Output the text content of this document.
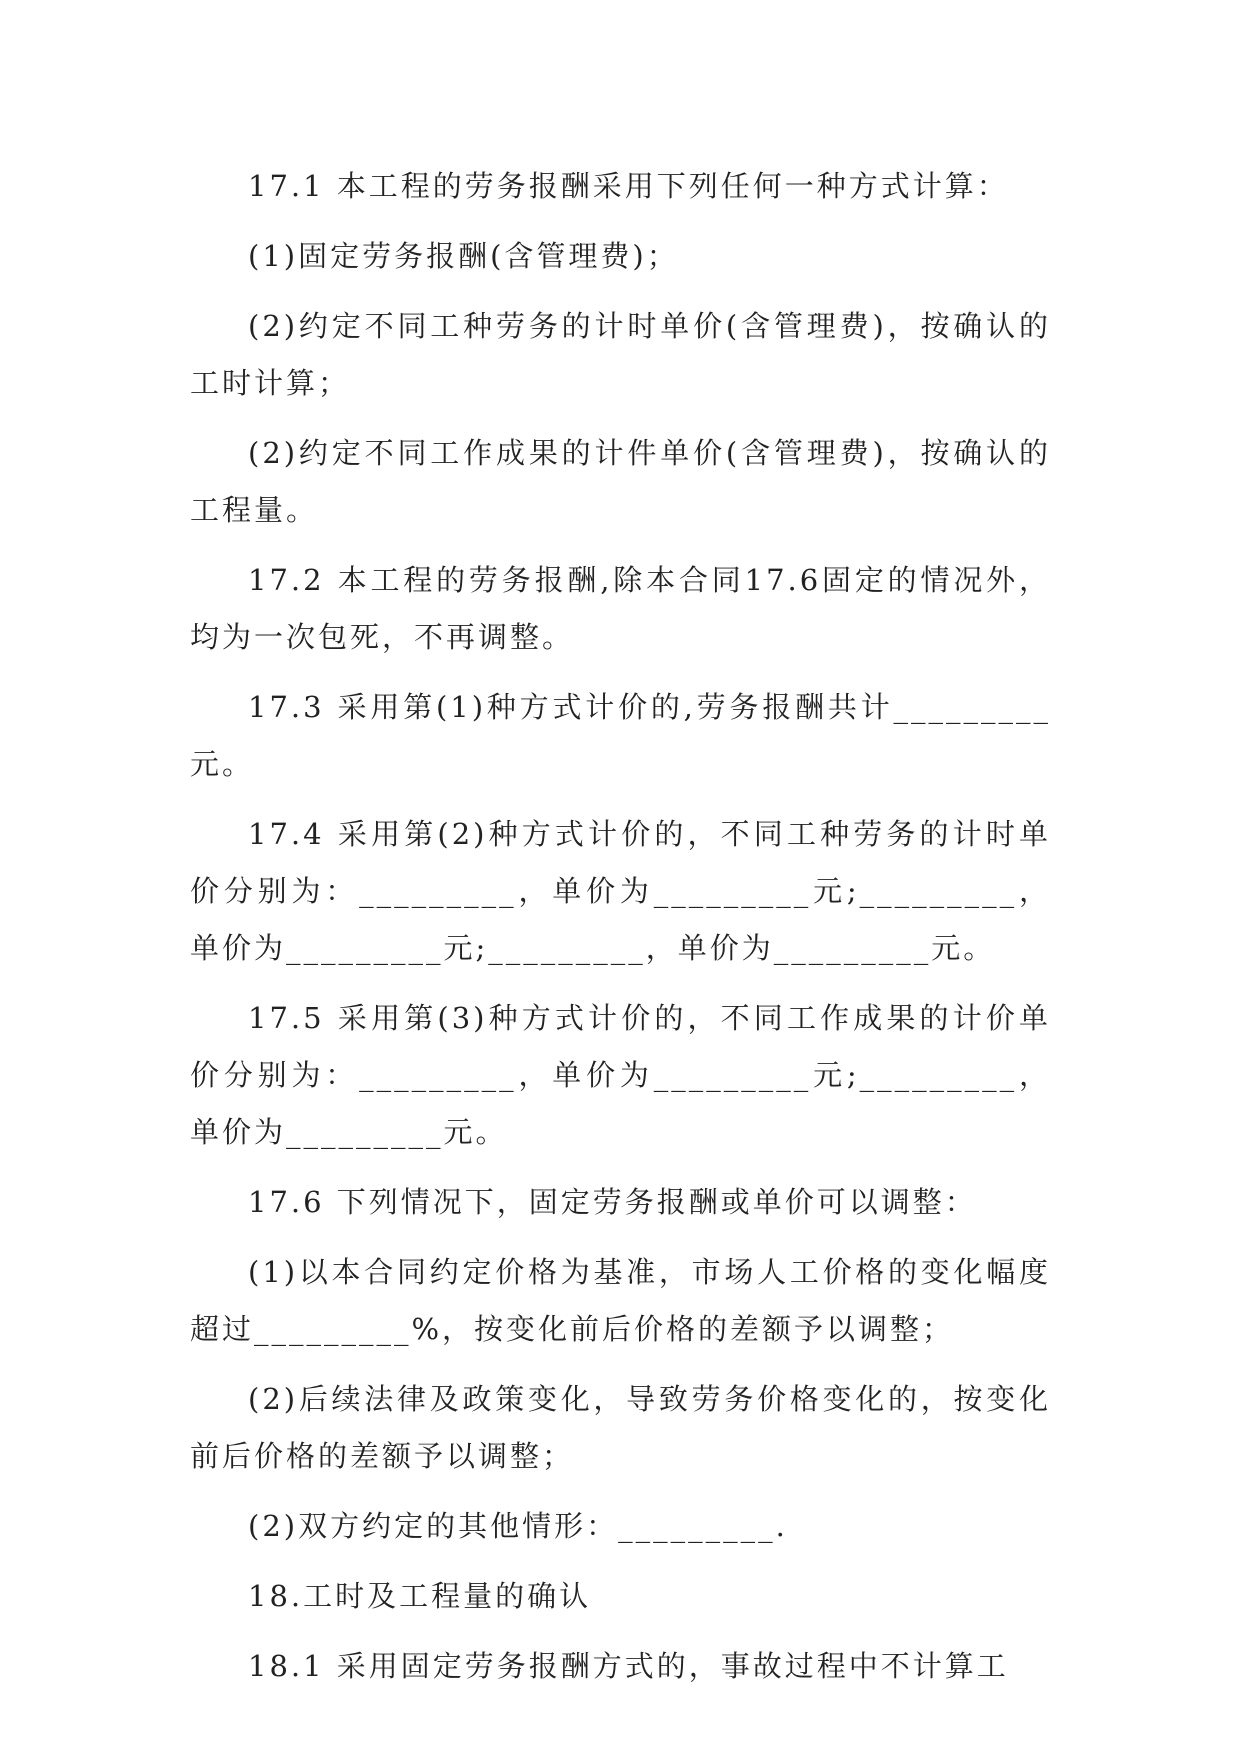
17.1 本工程的劳务报酬采用下列任何一种方式计算：

(1)固定劳务报酬(含管理费)；

(2)约定不同工种劳务的计时单价(含管理费)，按确认的工时计算；

(2)约定不同工作成果的计件单价(含管理费)，按确认的工程量。

17.2 本工程的劳务报酬,除本合同17.6固定的情况外，均为一次包死，不再调整。

17.3 采用第(1)种方式计价的,劳务报酬共计_________元。

17.4 采用第(2)种方式计价的，不同工种劳务的计时单价分别为：_________，单价为_________元;_________，单价为_________元;_________，单价为_________元。

17.5 采用第(3)种方式计价的，不同工作成果的计价单价分别为：_________，单价为_________元;_________，单价为_________元。

17.6 下列情况下，固定劳务报酬或单价可以调整：

(1)以本合同约定价格为基准，市场人工价格的变化幅度超过_________%，按变化前后价格的差额予以调整；

(2)后续法律及政策变化，导致劳务价格变化的，按变化前后价格的差额予以调整；

(2)双方约定的其他情形：_________.

18.工时及工程量的确认

18.1 采用固定劳务报酬方式的，事故过程中不计算工
